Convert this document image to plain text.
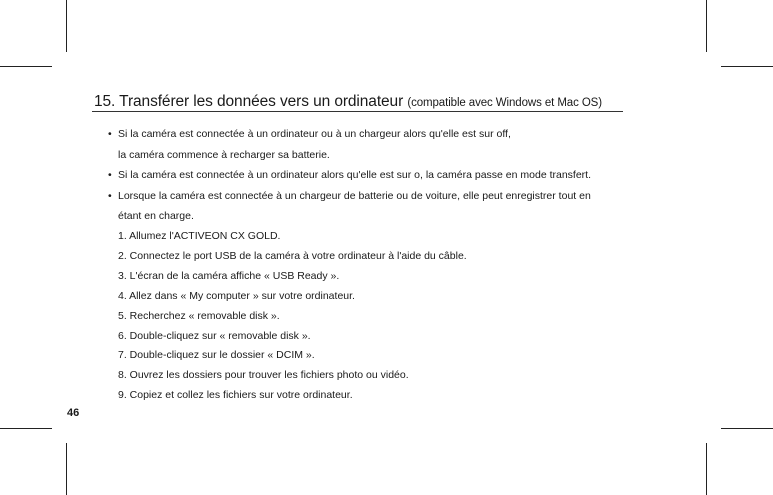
15. Transférer les données vers un ordinateur (compatible avec Windows et Mac OS)
• Si la caméra est connectée à un ordinateur ou à un chargeur alors qu'elle est sur off,
la caméra commence à recharger sa batterie.
• Si la caméra est connectée à un ordinateur alors qu'elle est sur o, la caméra passe en mode transfert.
• Lorsque la caméra est connectée à un chargeur de batterie ou de voiture, elle peut enregistrer tout en
étant en charge.
1. Allumez l'ACTIVEON CX GOLD.
2. Connectez le port USB de la caméra à votre ordinateur à l'aide du câble.
3. L'écran de la caméra affiche « USB Ready ».
4. Allez dans « My computer » sur votre ordinateur.
5. Recherchez « removable disk ».
6. Double-cliquez sur « removable disk ».
7. Double-cliquez sur le dossier « DCIM ».
8. Ouvrez les dossiers pour trouver les fichiers photo ou vidéo.
9. Copiez et collez les fichiers sur votre ordinateur.
46
